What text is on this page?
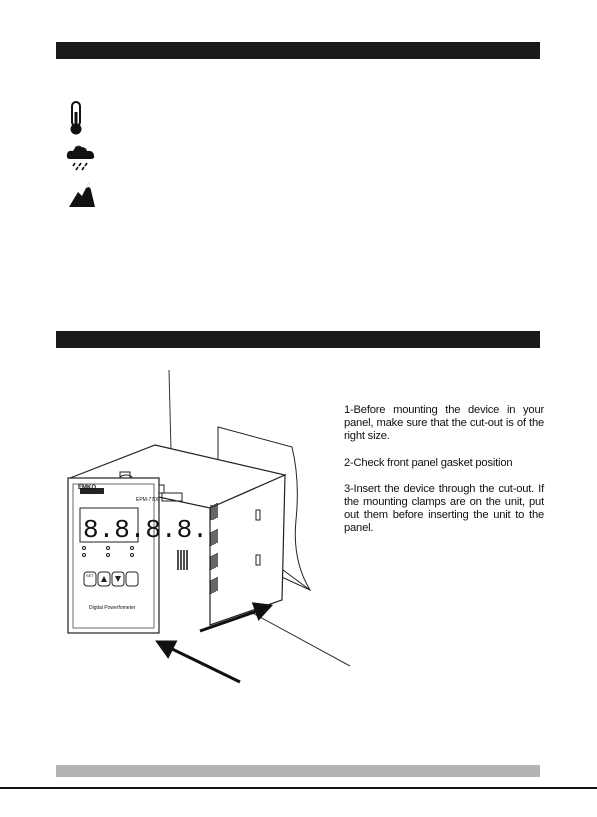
8.8.8.8.
EMKO
EPM-7700
Digital Powerfometer
SET

1-Before mounting the device in your panel, make sure that the cut-out is of the right size.

2-Check front panel gasket position

3-Insert the device through the cut-out. If the mounting clamps are on the unit, put out them before inserting the unit to the panel.
